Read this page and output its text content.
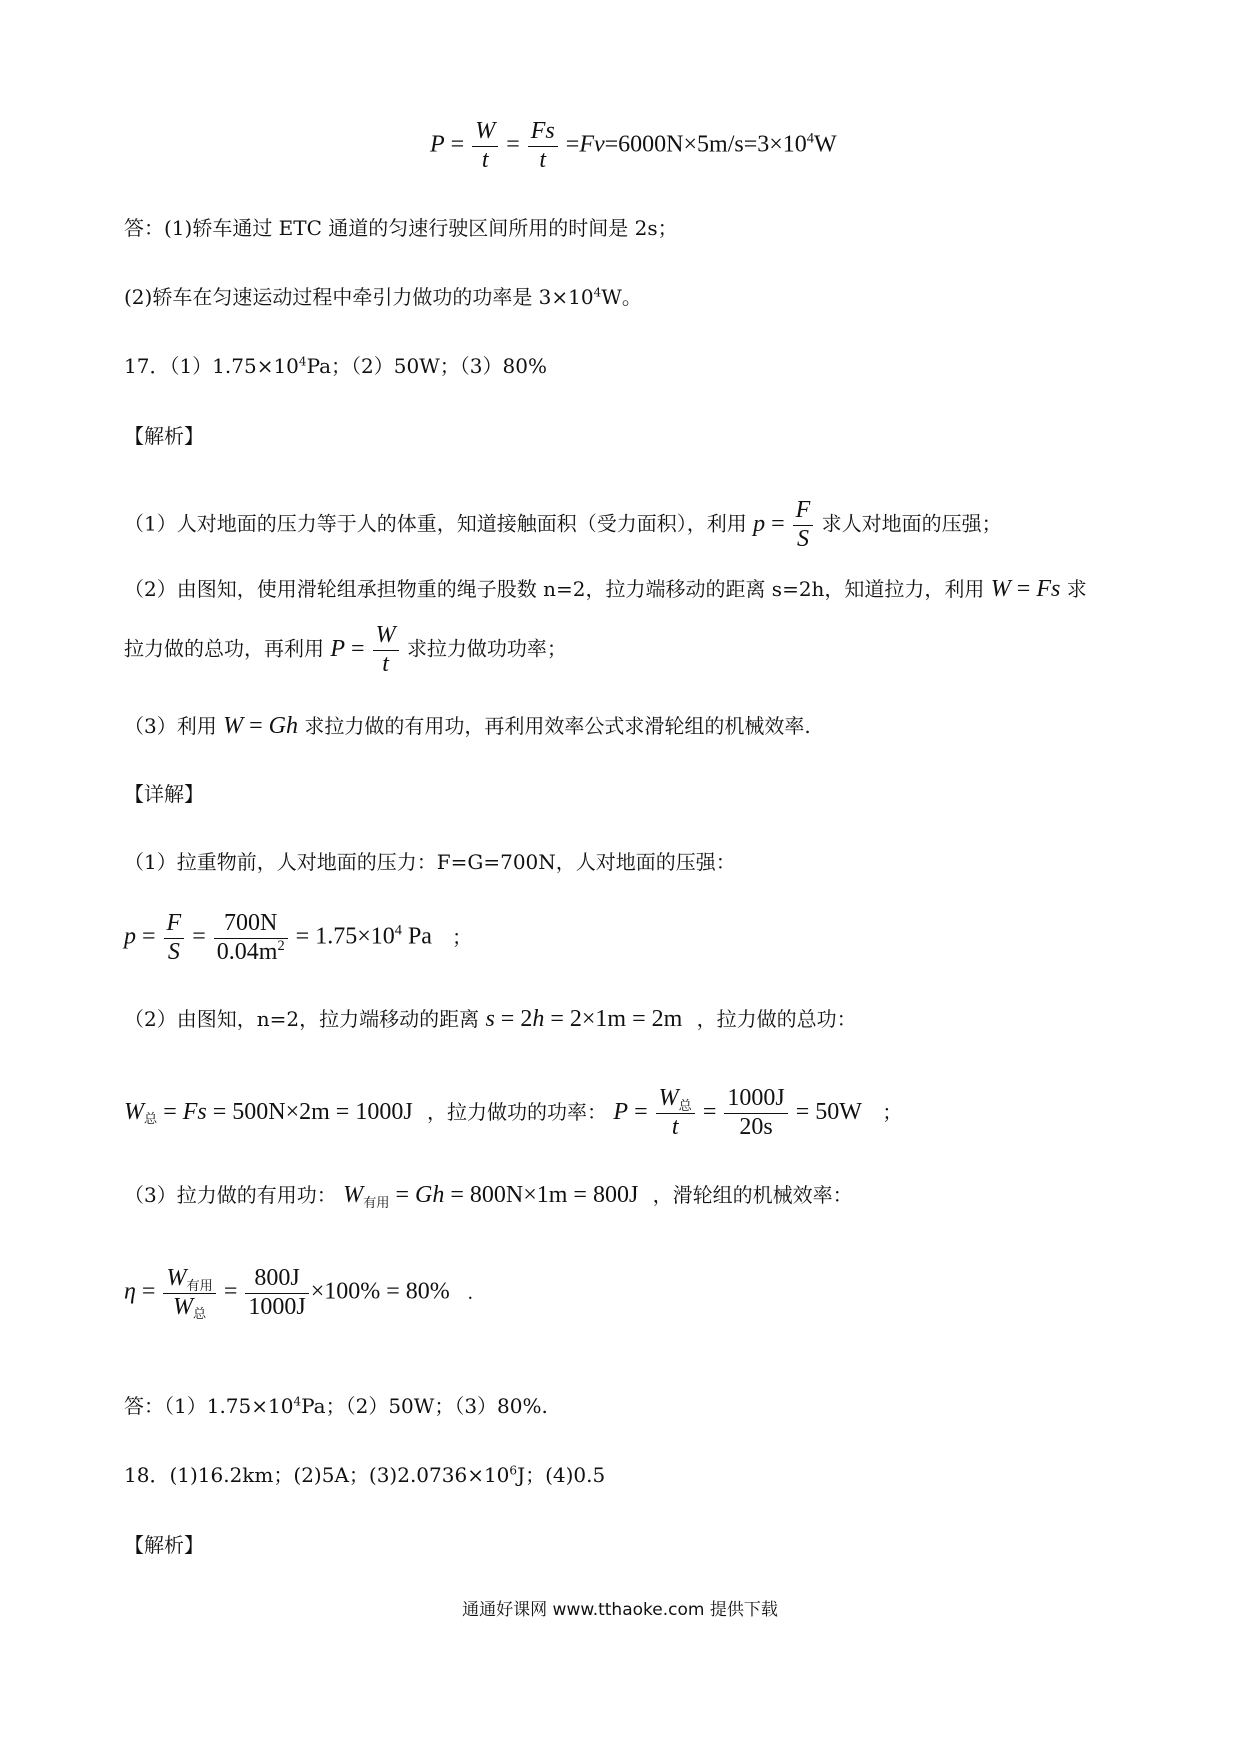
$P = \frac{W}{t} = \frac{Fs}{t} =Fv=6000N\times 5m/s=3\times 10^4W$
答：(1)轿车通过 ETC 通道的匀速行驶区间所用的时间是 2s；
(2)轿车在匀速运动过程中牵引力做功的功率是 $3\times 10^4W$。
17．$(1)1.75\times 10^4Pa$；（2）50W；（3）80%
【解析】
（1）人对地面的压力等于人的体重，知道接触面积（受力面积），利用 $p = \frac{F}{S}$ 求人对地面的压强；
（2）由图知，使用滑轮组承担物重的绳子股数 n=2，拉力端移动的距离 s=2h，知道拉力，利用 W = Fs 求
拉力做的总功，再利用 $P = \frac{W}{t}$ 求拉力做功功率；
（3）利用 W = Gh 求拉力做的有用功，再利用效率公式求滑轮组的机械效率.
【详解】
（1）拉重物前，人对地面的压力：F=G=700N，人对地面的压强：
$p = \frac{F}{S} = \frac{700N}{0.04m^2} = 1.75\times 10^4$ Pa ；
（2）由图知，n=2，拉力端移动的距离 s = 2h = 2×1m = 2m ，拉力做的总功：
W总 = Fs = 500N×2m = 1000J ，拉力做功的功率： $P = \frac{\text{W总}}{t} = \frac{1000J}{20s} = 50W$ ；
（3）拉力做的有用功： W有用 = Gh = 800N×1m = 800J ，滑轮组的机械效率：
$\eta = \frac{\text{W有用}}{\text{W总}} = \frac{800J}{1000J} \times 100\% = 80\%$ .
答：$(1)1.75\times 10^4Pa$；（2）50W；（3）80%.
18．(1)16.2km；(2)5A；$(3)2.0736\times 10^6J$；(4)0.5
【解析】
通通好课网 www.tthaoke.com 提供下载
